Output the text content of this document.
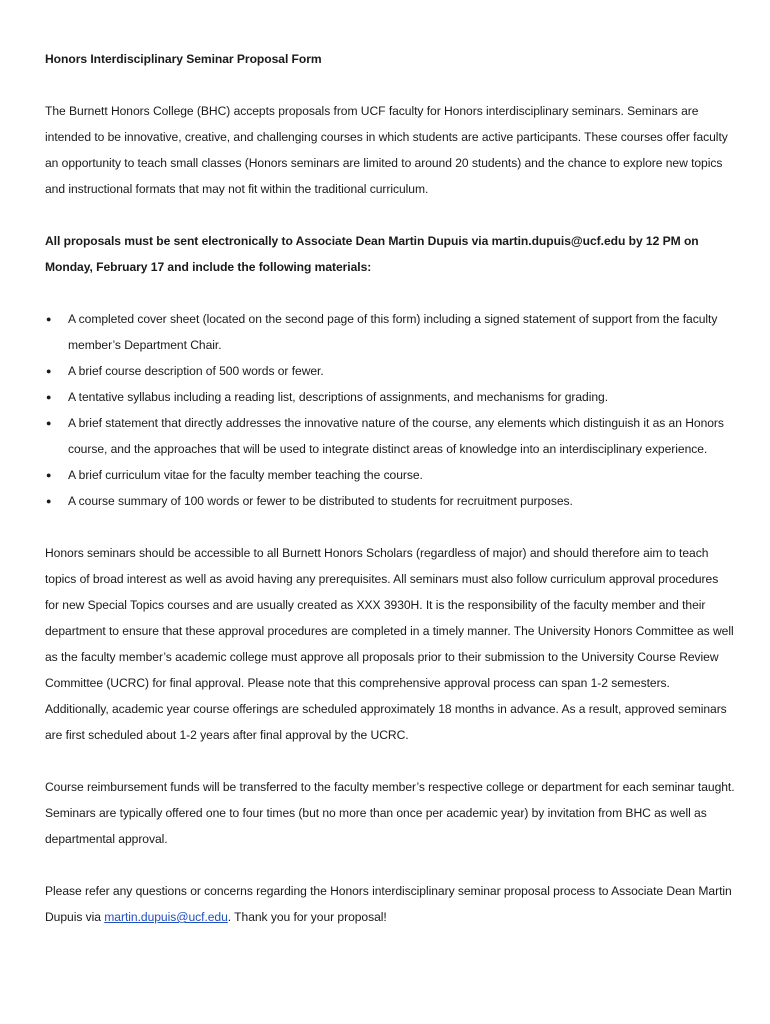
Honors Interdisciplinary Seminar Proposal Form

The Burnett Honors College (BHC) accepts proposals from UCF faculty for Honors interdisciplinary seminars. Seminars are intended to be innovative, creative, and challenging courses in which students are active participants. These courses offer faculty an opportunity to teach small classes (Honors seminars are limited to around 20 students) and the chance to explore new topics and instructional formats that may not fit within the traditional curriculum.

All proposals must be sent electronically to Associate Dean Martin Dupuis via martin.dupuis@ucf.edu by 12 PM on Monday, February 17 and include the following materials:

● A completed cover sheet (located on the second page of this form) including a signed statement of support from the faculty member’s Department Chair.
● A brief course description of 500 words or fewer.
● A tentative syllabus including a reading list, descriptions of assignments, and mechanisms for grading.
● A brief statement that directly addresses the innovative nature of the course, any elements which distinguish it as an Honors course, and the approaches that will be used to integrate distinct areas of knowledge into an interdisciplinary experience.
● A brief curriculum vitae for the faculty member teaching the course.
● A course summary of 100 words or fewer to be distributed to students for recruitment purposes.

Honors seminars should be accessible to all Burnett Honors Scholars (regardless of major) and should therefore aim to teach topics of broad interest as well as avoid having any prerequisites. All seminars must also follow curriculum approval procedures for new Special Topics courses and are usually created as XXX 3930H. It is the responsibility of the faculty member and their department to ensure that these approval procedures are completed in a timely manner. The University Honors Committee as well as the faculty member’s academic college must approve all proposals prior to their submission to the University Course Review Committee (UCRC) for final approval. Please note that this comprehensive approval process can span 1-2 semesters. Additionally, academic year course offerings are scheduled approximately 18 months in advance. As a result, approved seminars are first scheduled about 1-2 years after final approval by the UCRC.

Course reimbursement funds will be transferred to the faculty member’s respective college or department for each seminar taught. Seminars are typically offered one to four times (but no more than once per academic year) by invitation from BHC as well as departmental approval.

Please refer any questions or concerns regarding the Honors interdisciplinary seminar proposal process to Associate Dean Martin Dupuis via martin.dupuis@ucf.edu. Thank you for your proposal!
